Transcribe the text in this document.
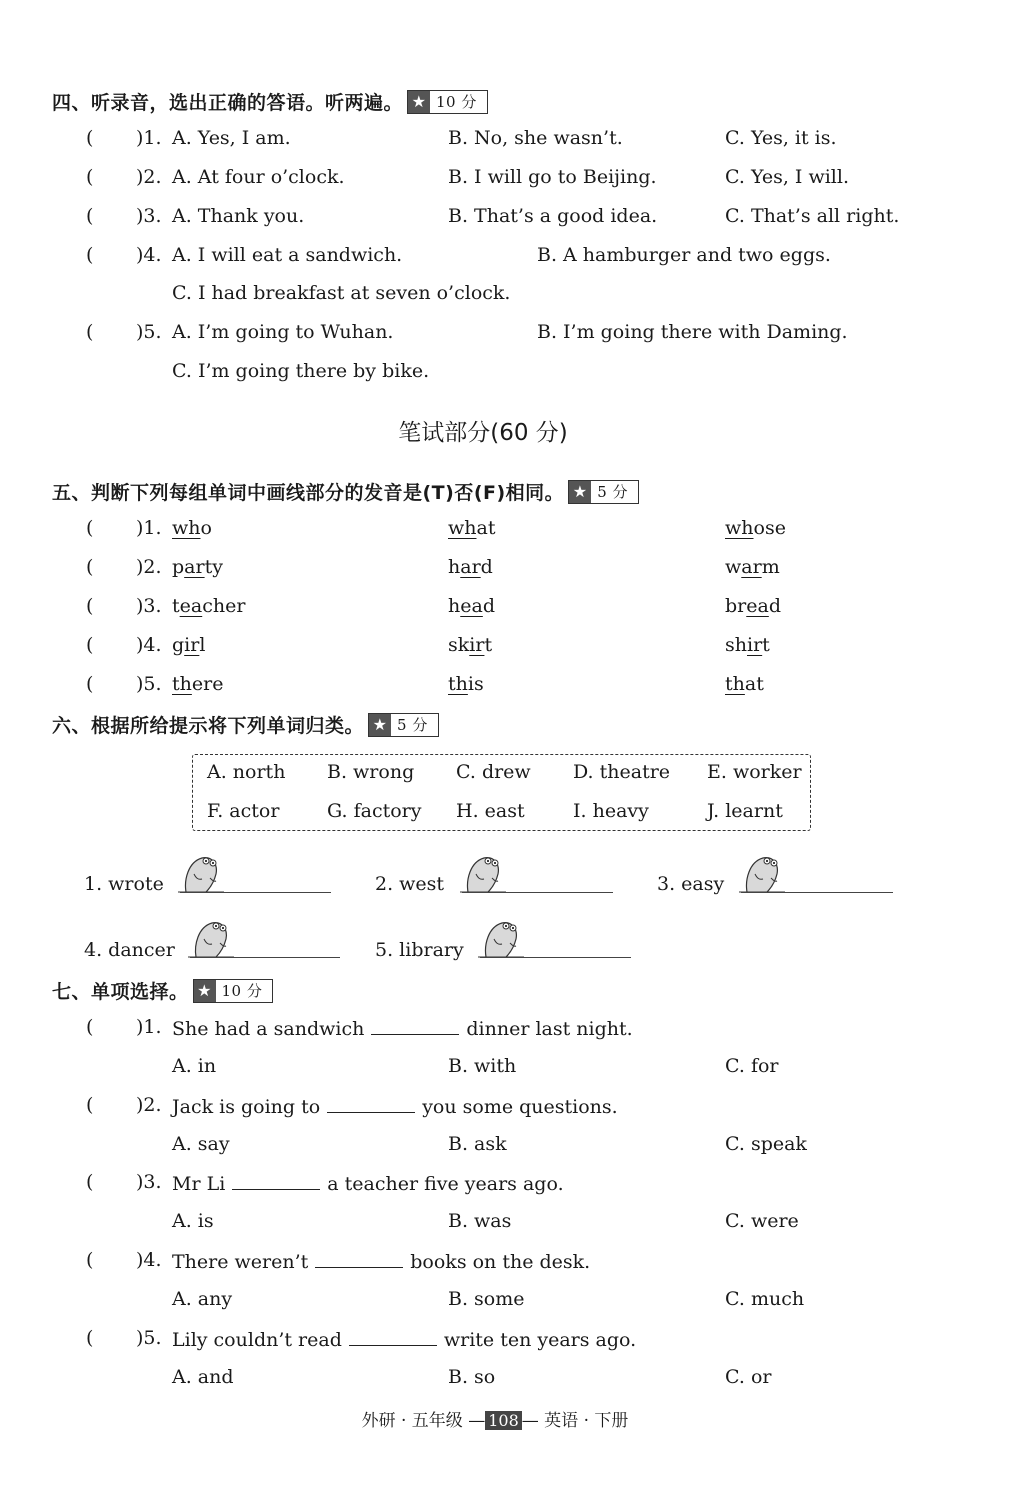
四、听录音，选出正确的答语。听两遍。 ★ 10 分
( )1. A. Yes, I am.	B. No, she wasn’t.	C. Yes, it is.
( )2. A. At four o’clock.	B. I will go to Beijing.	C. Yes, I will.
( )3. A. Thank you.	B. That’s a good idea.	C. That’s all right.
( )4. A. I will eat a sandwich.	B. A hamburger and two eggs.
C. I had breakfast at seven o’clock.
( )5. A. I’m going to Wuhan.	B. I’m going there with Daming.
C. I’m going there by bike.
笔试部分(60 分)
五、判断下列每组单词中画线部分的发音是(T)否(F)相同。 ★ 5 分
( )1. who	what	whose
( )2. party	hard	warm
( )3. teacher	head	bread
( )4. girl	skirt	shirt
( )5. there	this	that
六、根据所给提示将下列单词归类。 ★ 5 分
A. north B. wrong C. drew D. theatre E. worker
F. actor	G. factory H. east	I. heavy	J. learnt
1. wrote	2. west	3. easy
4. dancer	5. library
七、单项选择。 ★ 10 分
( )1. She had a sandwich	dinner last night.
A. in	B. with	C. for
( )2. Jack is going to	you some questions.
A. say	B. ask	C. speak
( )3. Mr Li	a teacher five years ago.
A. is	B. was	C. were
( )4. There weren’t	books on the desk.
A. any	B. some	C. much
( )5. Lily couldn’t read	write ten years ago.
A. and	B. so	C. or
外研 · 五年级 — 108 — 英语 · 下册
